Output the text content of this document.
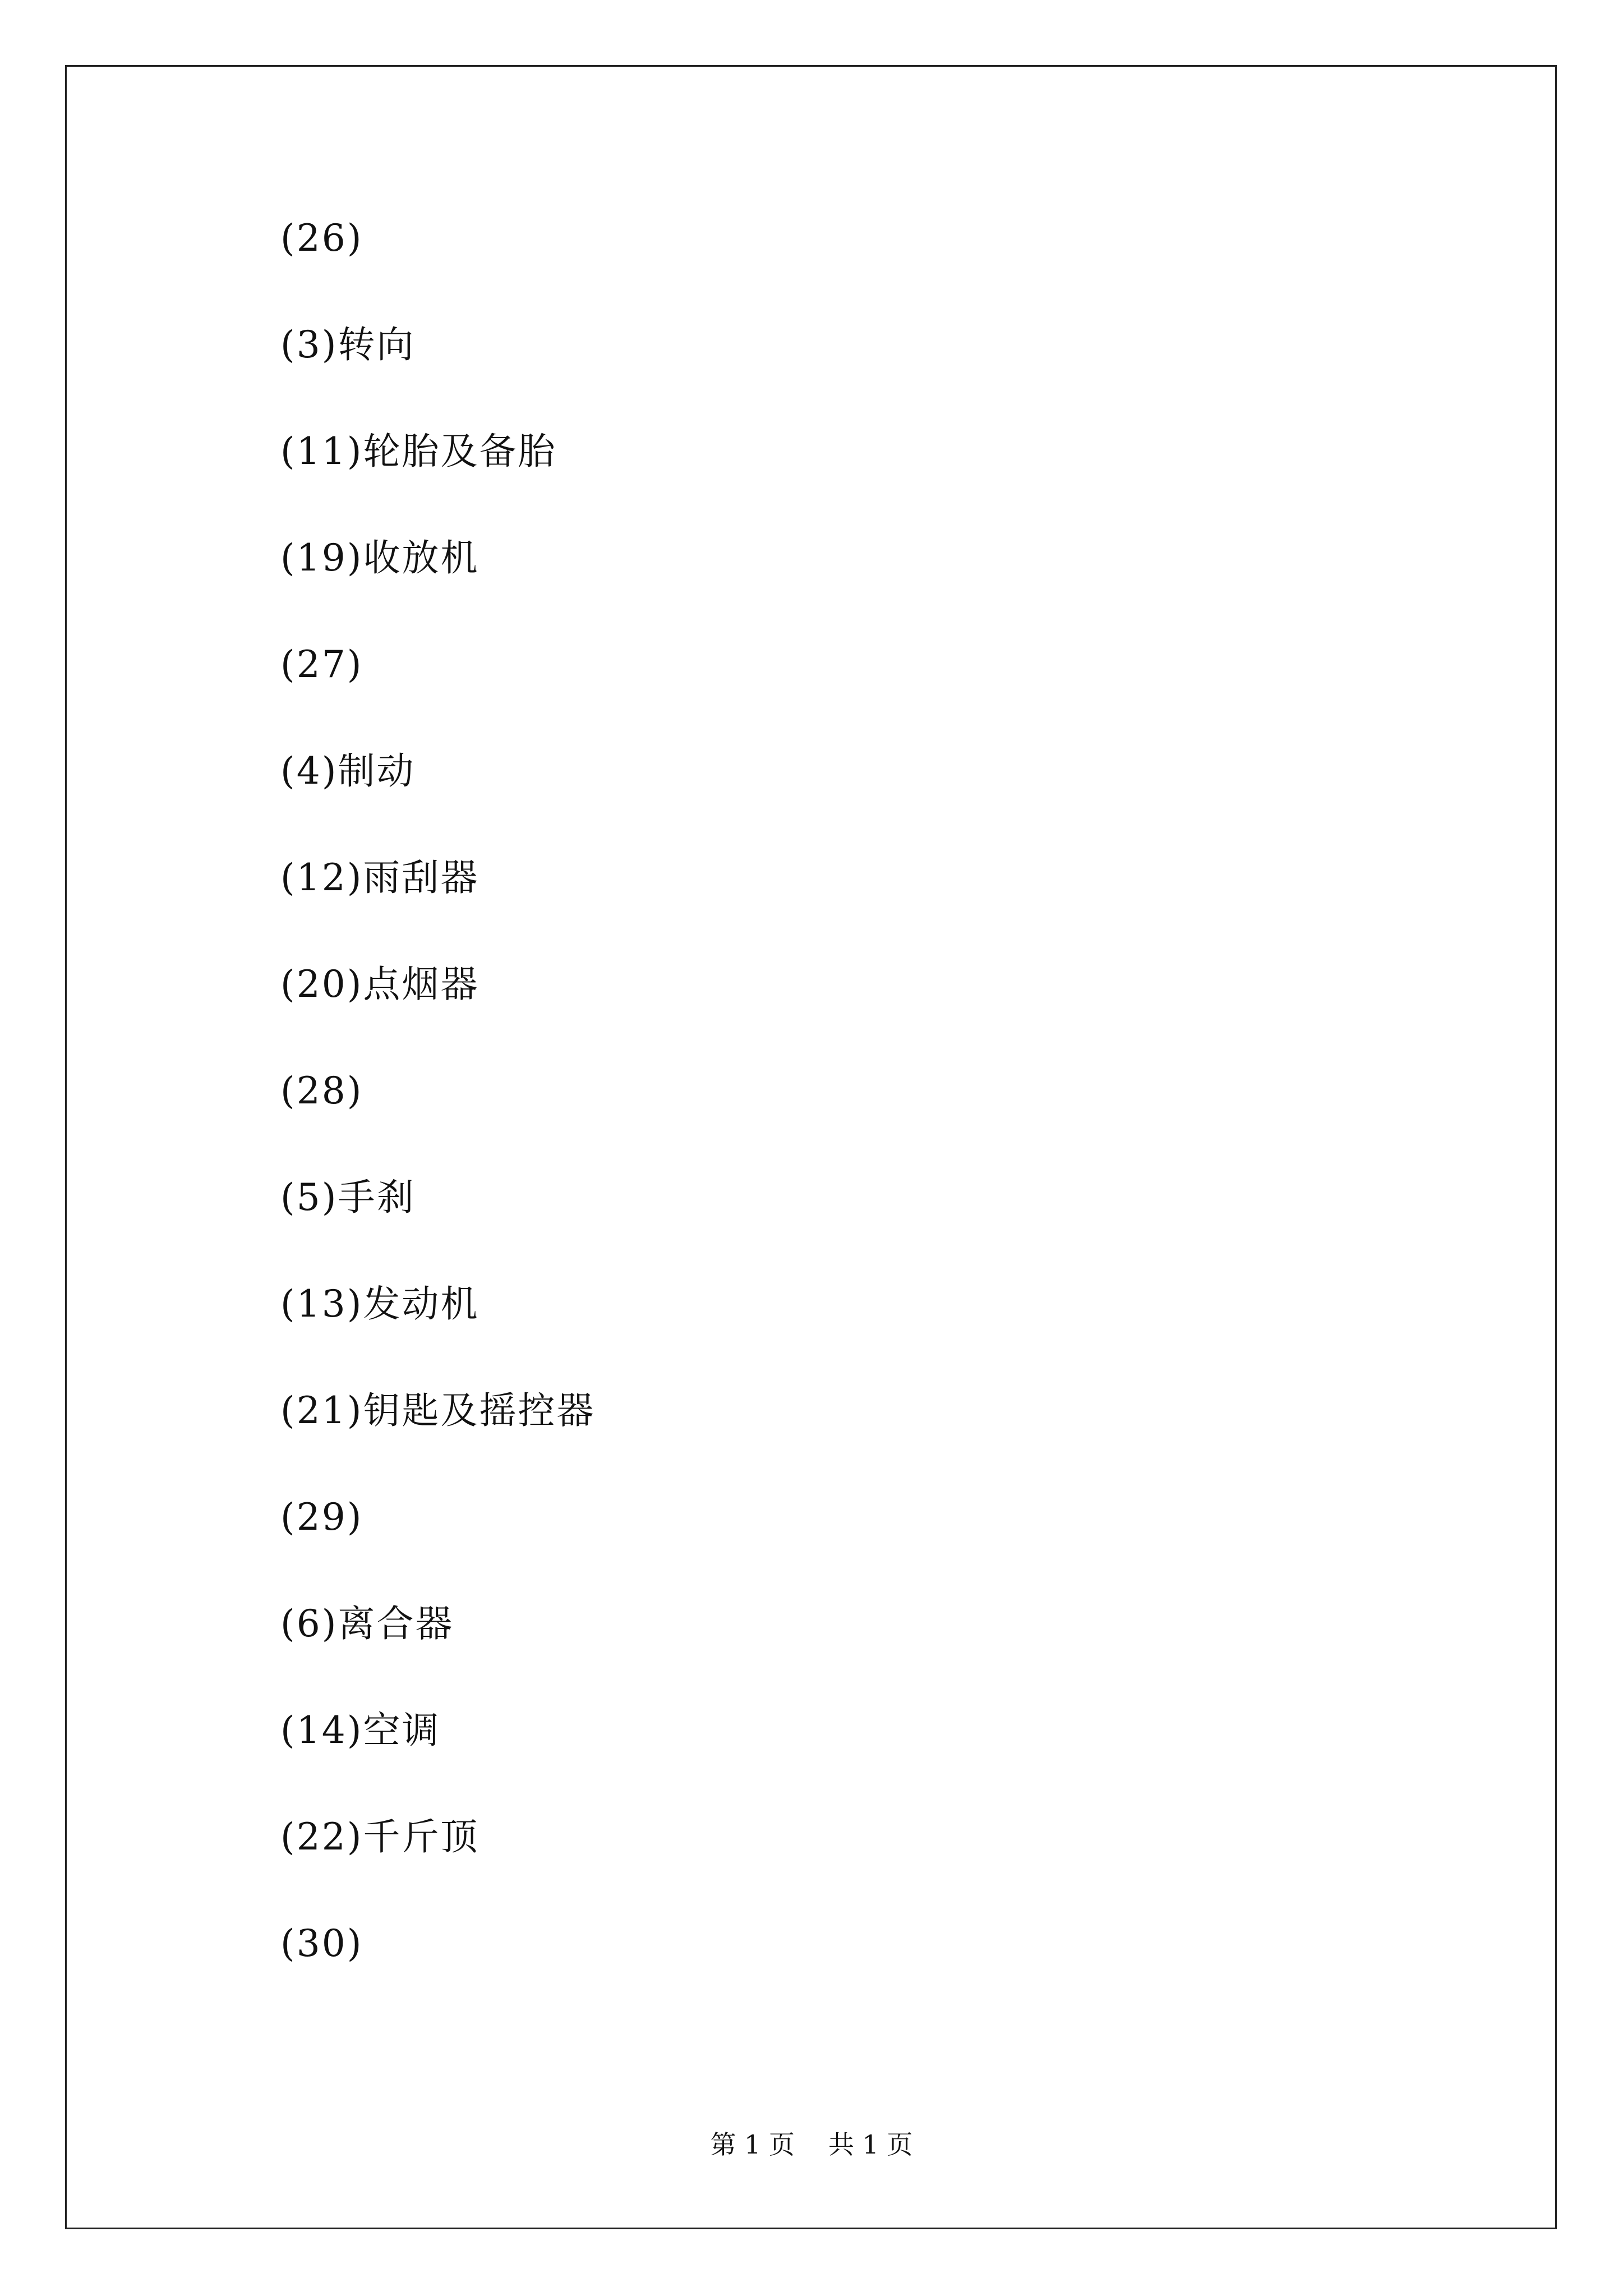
(26)
(3)转向
(11)轮胎及备胎
(19)收放机
(27)
(4)制动
(12)雨刮器
(20)点烟器
(28)
(5)手刹
(13)发动机
(21)钥匙及摇控器
(29)
(6)离合器
(14)空调
(22)千斤顶
(30)
第 1 页 共 1 页
